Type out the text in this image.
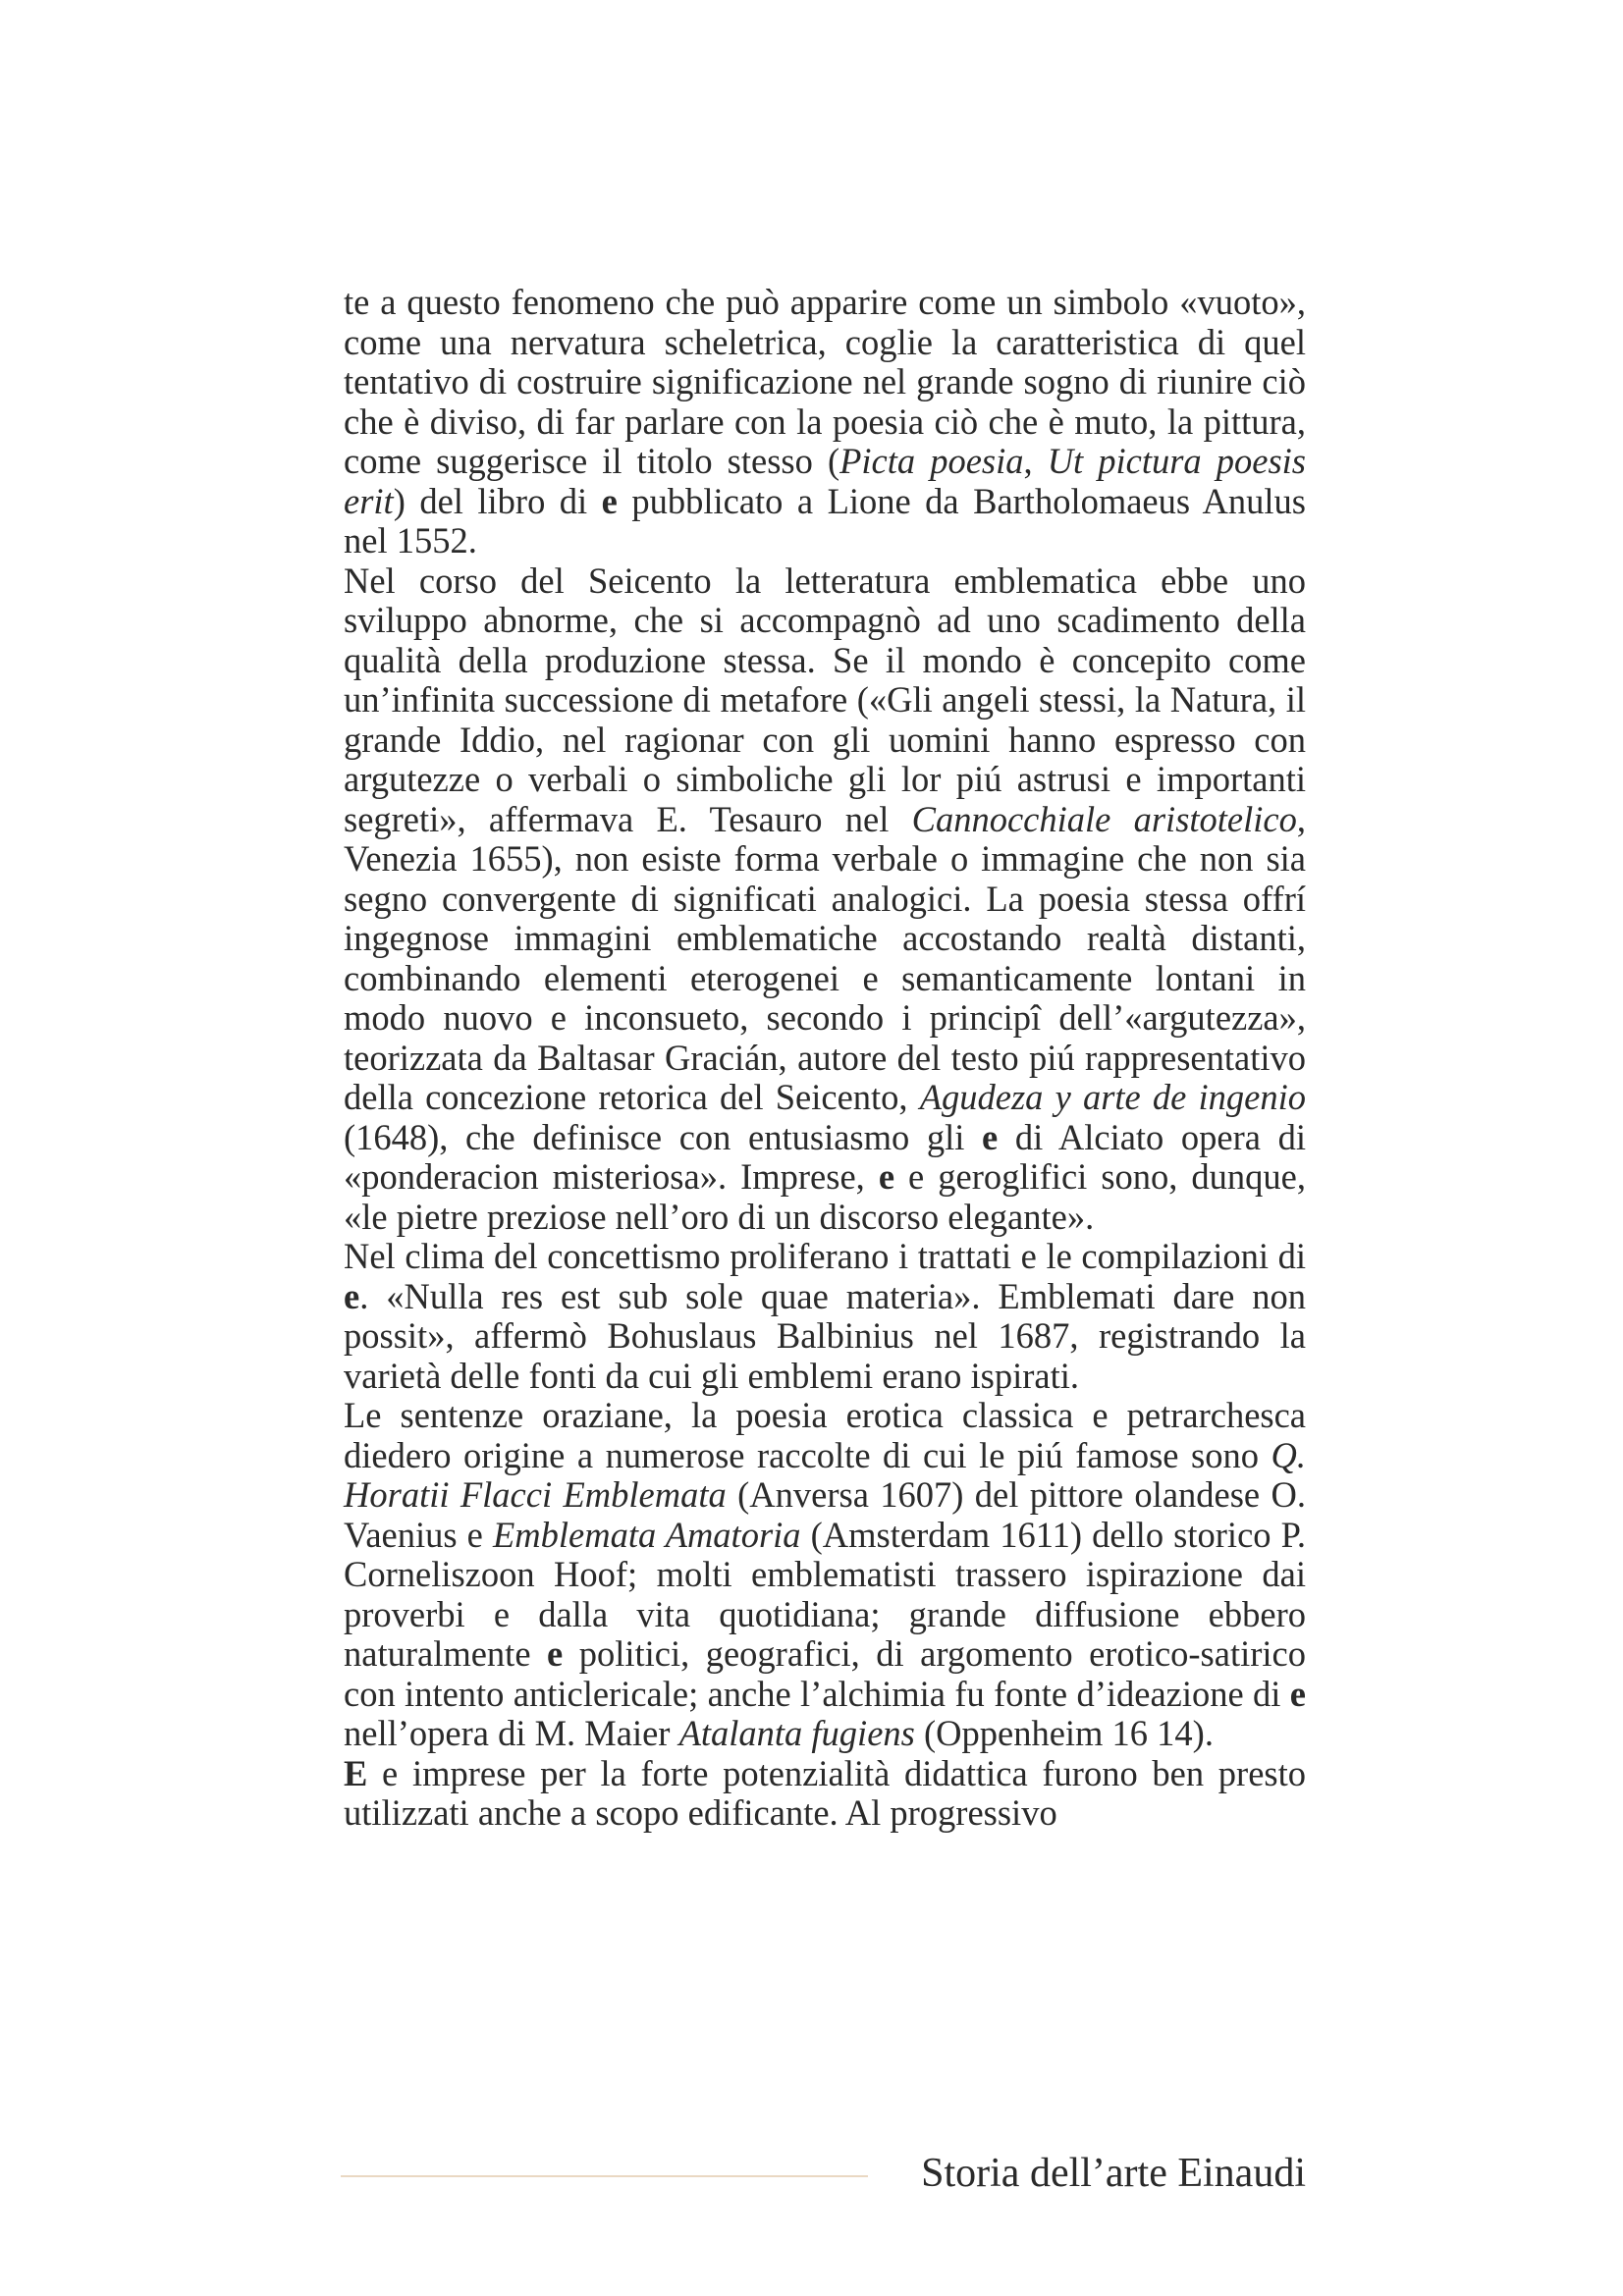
te a questo fenomeno che può apparire come un simbolo «vuoto», come una nervatura scheletrica, coglie la caratteristica di quel tentativo di costruire significazione nel grande sogno di riunire ciò che è diviso, di far parlare con la poesia ciò che è muto, la pittura, come suggerisce il titolo stesso (Picta poesia, Ut pictura poesis erit) del libro di e pubblicato a Lione da Bartholomaeus Anulus nel 1552.

Nel corso del Seicento la letteratura emblematica ebbe uno sviluppo abnorme, che si accompagnò ad uno scadimento della qualità della produzione stessa. Se il mondo è concepito come un’infinita successione di metafore («Gli angeli stessi, la Natura, il grande Iddio, nel ragionar con gli uomini hanno espresso con argutezze o verbali o simboliche gli lor piú astrusi e importanti segreti», affermava E. Tesauro nel Cannocchiale aristotelico, Venezia 1655), non esiste forma verbale o immagine che non sia segno convergente di significati analogici. La poesia stessa offrí ingegnose immagini emblematiche accostando realtà distanti, combinando elementi eterogenei e semanticamente lontani in modo nuovo e inconsueto, secondo i principî dell’«argutezza», teorizzata da Baltasar Gracián, autore del testo piú rappresentativo della concezione retorica del Seicento, Agudeza y arte de ingenio (1648), che definisce con entusiasmo gli e di Alciato opera di «ponderacion misteriosa». Imprese, e e geroglifici sono, dunque, «le pietre preziose nell’oro di un discorso elegante».

Nel clima del concettismo proliferano i trattati e le compilazioni di e. «Nulla res est sub sole quae materia». Emblemati dare non possit», affermò Bohuslaus Balbinius nel 1687, registrando la varietà delle fonti da cui gli emblemi erano ispirati.

Le sentenze oraziane, la poesia erotica classica e petrarchesca diedero origine a numerose raccolte di cui le piú famose sono Q. Horatii Flacci Emblemata (Anversa 1607) del pittore olandese O. Vaenius e Emblemata Amatoria (Amsterdam 1611) dello storico P. Corneliszoon Hoof; molti emblematisti trassero ispirazione dai proverbi e dalla vita quotidiana; grande diffusione ebbero naturalmente e politici, geografici, di argomento erotico-satirico con intento anticlericale; anche l’alchimia fu fonte d’ideazione di e nell’opera di M. Maier Atalanta fugiens (Oppenheim 16 14).

E e imprese per la forte potenzialità didattica furono ben presto utilizzati anche a scopo edificante. Al progressivo

Storia dell’arte Einaudi
